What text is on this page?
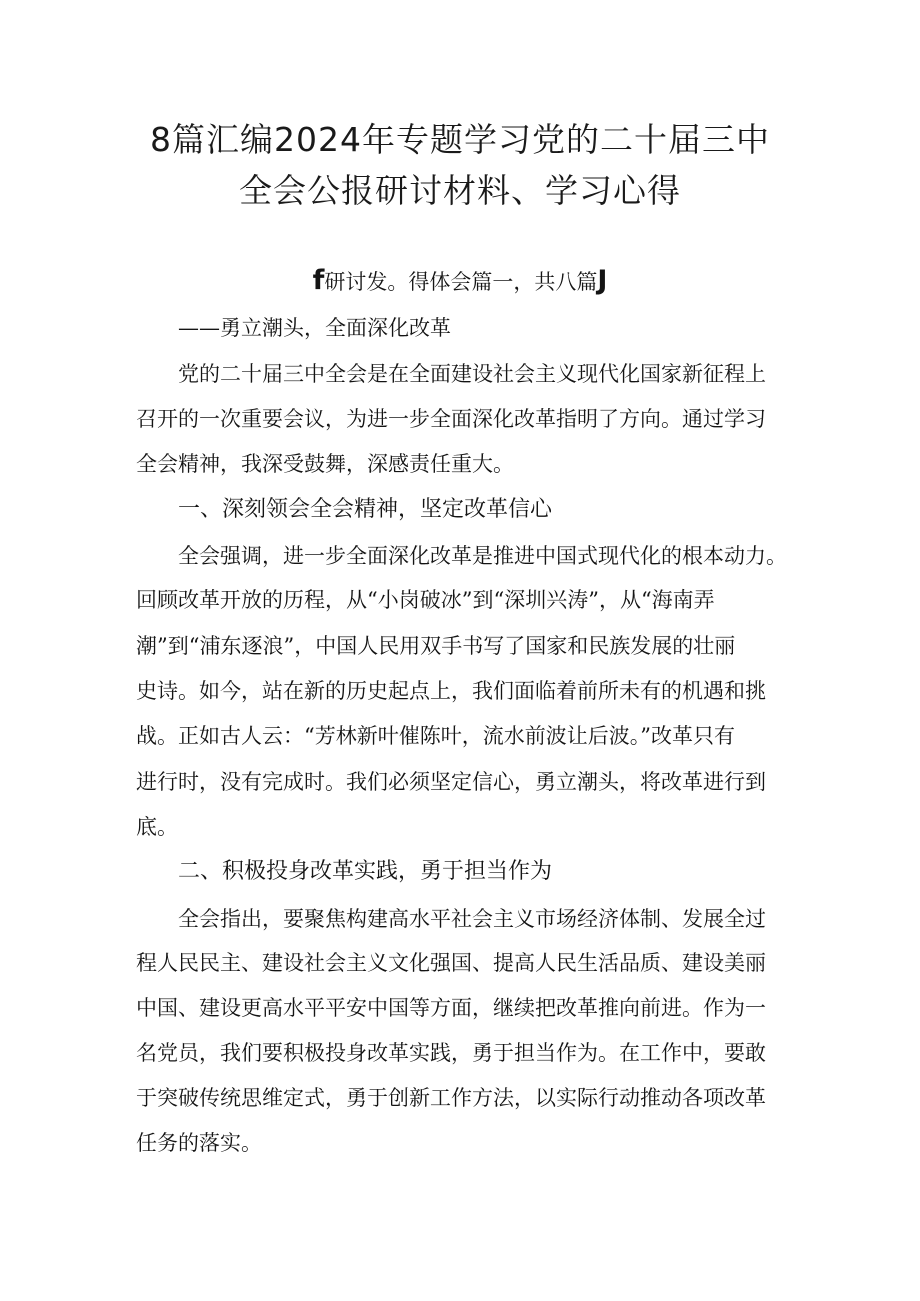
8篇汇编2024年专题学习党的二十届三中
全会公报研讨材料、学习心得
f研讨发。得体会篇一，共八篇J
——勇立潮头，全面深化改革
党的二十届三中全会是在全面建设社会主义现代化国家新征程上
召开的一次重要会议，为进一步全面深化改革指明了方向。通过学习
全会精神，我深受鼓舞，深感责任重大。
一、深刻领会全会精神，坚定改革信心
全会强调，进一步全面深化改革是推进中国式现代化的根本动力。
回顾改革开放的历程，从“小岗破冰”到“深圳兴涛”，从“海南弄
潮”到“浦东逐浪”，中国人民用双手书写了国家和民族发展的壮丽
史诗。如今，站在新的历史起点上，我们面临着前所未有的机遇和挑
战。正如古人云：“芳林新叶催陈叶，流水前波让后波。”改革只有
进行时，没有完成时。我们必须坚定信心，勇立潮头，将改革进行到
底。
二、积极投身改革实践，勇于担当作为
全会指出，要聚焦构建高水平社会主义市场经济体制、发展全过
程人民民主、建设社会主义文化强国、提高人民生活品质、建设美丽
中国、建设更高水平平安中国等方面，继续把改革推向前进。作为一
名党员，我们要积极投身改革实践，勇于担当作为。在工作中，要敢
于突破传统思维定式，勇于创新工作方法，以实际行动推动各项改革
任务的落实。
